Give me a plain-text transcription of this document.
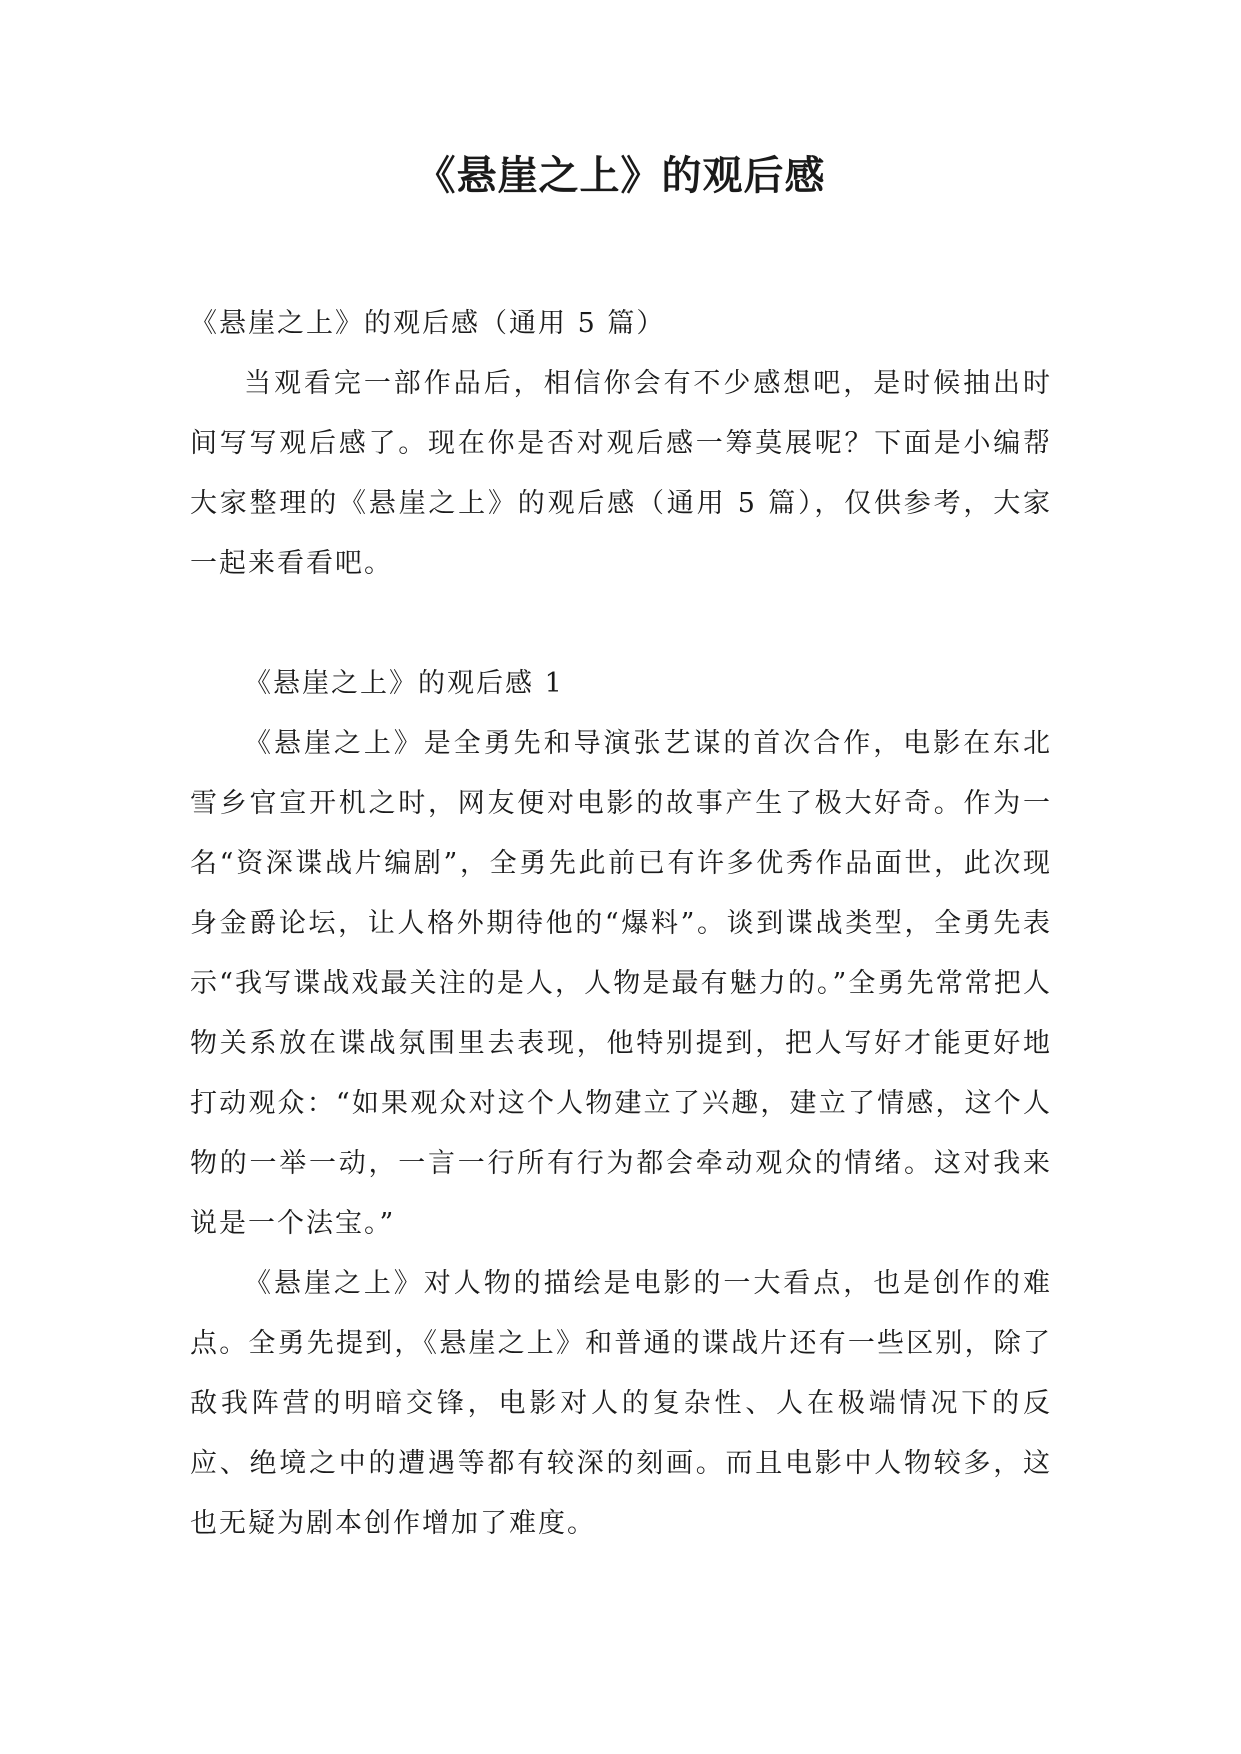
《悬崖之上》的观后感

《悬崖之上》的观后感（通用 5 篇）

当观看完一部作品后，相信你会有不少感想吧，是时候抽出时间写写观后感了。现在你是否对观后感一筹莫展呢？下面是小编帮大家整理的《悬崖之上》的观后感（通用 5 篇），仅供参考，大家一起来看看吧。

《悬崖之上》的观后感 1

《悬崖之上》是全勇先和导演张艺谋的首次合作，电影在东北雪乡官宣开机之时，网友便对电影的故事产生了极大好奇。作为一名“资深谍战片编剧”，全勇先此前已有许多优秀作品面世，此次现身金爵论坛，让人格外期待他的“爆料”。谈到谍战类型，全勇先表示“我写谍战戏最关注的是人，人物是最有魅力的。”全勇先常常把人物关系放在谍战氛围里去表现，他特别提到，把人写好才能更好地打动观众：“如果观众对这个人物建立了兴趣，建立了情感，这个人物的一举一动，一言一行所有行为都会牵动观众的情绪。这对我来说是一个法宝。”

《悬崖之上》对人物的描绘是电影的一大看点，也是创作的难点。全勇先提到，《悬崖之上》和普通的谍战片还有一些区别，除了敌我阵营的明暗交锋，电影对人的复杂性、人在极端情况下的反应、绝境之中的遭遇等都有较深的刻画。而且电影中人物较多，这也无疑为剧本创作增加了难度。
